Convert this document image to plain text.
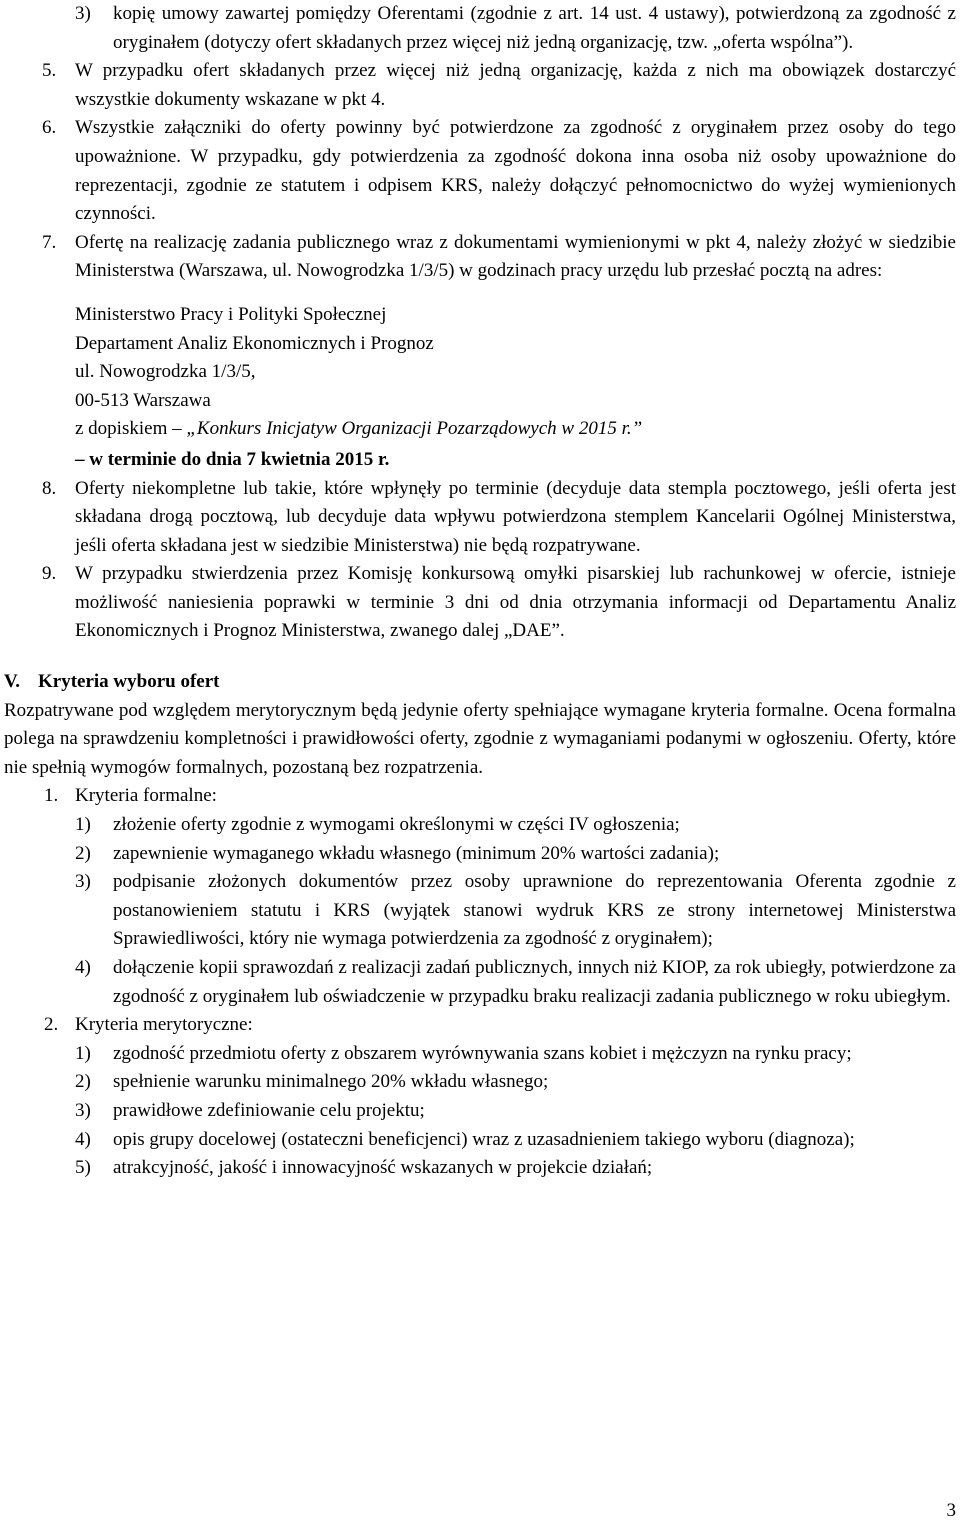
3)	kopię umowy zawartej pomiędzy Oferentami (zgodnie z art. 14 ust. 4 ustawy), potwierdzoną za zgodność z oryginałem (dotyczy ofert składanych przez więcej niż jedną organizację, tzw. „oferta wspólna”).
5. W przypadku ofert składanych przez więcej niż jedną organizację, każda z nich ma obowiązek dostarczyć wszystkie dokumenty wskazane w pkt 4.
6. Wszystkie załączniki do oferty powinny być potwierdzone za zgodność z oryginałem przez osoby do tego upoważnione. W przypadku, gdy potwierdzenia za zgodność dokona inna osoba niż osoby upoważnione do reprezentacji, zgodnie ze statutem i odpisem KRS, należy dołączyć pełnomocnictwo do wyżej wymienionych czynności.
7. Ofertę na realizację zadania publicznego wraz z dokumentami wymienionymi w pkt 4, należy złożyć w siedzibie Ministerstwa (Warszawa, ul. Nowogrodzka 1/3/5) w godzinach pracy urzędu lub przesłać pocztą na adres:
Ministerstwo Pracy i Polityki Społecznej
Departament Analiz Ekonomicznych i Prognoz
ul. Nowogrodzka 1/3/5,
00-513 Warszawa
z dopiskiem – „Konkurs Inicjatyw Organizacji Pozarządowych w 2015 r.”
– w terminie do dnia 7 kwietnia 2015 r.
8. Oferty niekompletne lub takie, które wpłynęły po terminie (decyduje data stempla pocztowego, jeśli oferta jest składana drogą pocztową, lub decyduje data wpływu potwierdzona stemplem Kancelarii Ogólnej Ministerstwa, jeśli oferta składana jest w siedzibie Ministerstwa) nie będą rozpatrywane.
9. W przypadku stwierdzenia przez Komisję konkursową omyłki pisarskiej lub rachunkowej w ofercie, istnieje możliwość naniesienia poprawki w terminie 3 dni od dnia otrzymania informacji od Departamentu Analiz Ekonomicznych i Prognoz Ministerstwa, zwanego dalej „DAE”.
V. Kryteria wyboru ofert
Rozpatrywane pod względem merytorycznym będą jedynie oferty spełniające wymagane kryteria formalne. Ocena formalna polega na sprawdzeniu kompletności i prawidłowości oferty, zgodnie z wymaganiami podanymi w ogłoszeniu. Oferty, które nie spełnią wymogów formalnych, pozostaną bez rozpatrzenia.
1. Kryteria formalne:
1)	złożenie oferty zgodnie z wymogami określonymi w części IV ogłoszenia;
2)	zapewnienie wymaganego wkładu własnego (minimum 20% wartości zadania);
3)	podpisanie złożonych dokumentów przez osoby uprawnione do reprezentowania Oferenta zgodnie z postanowieniem statutu i KRS (wyjątek stanowi wydruk KRS ze strony internetowej Ministerstwa Sprawiedliwości, który nie wymaga potwierdzenia za zgodność z oryginałem);
4)	dołączenie kopii sprawozdań z realizacji zadań publicznych, innych niż KIOP, za rok ubiegły, potwierdzone za zgodność z oryginałem lub oświadczenie w przypadku braku realizacji zadania publicznego w roku ubiegłym.
2. Kryteria merytoryczne:
1)	zgodność przedmiotu oferty z obszarem wyrównywania szans kobiet i mężczyzn na rynku pracy;
2)	spełnienie warunku minimalnego 20% wkładu własnego;
3)	prawidłowe zdefiniowanie celu projektu;
4)	opis grupy docelowej (ostateczni beneficjenci) wraz z uzasadnieniem takiego wyboru (diagnoza);
5)	atrakcyjność, jakość i innowacyjność wskazanych w projekcie działań;
3
